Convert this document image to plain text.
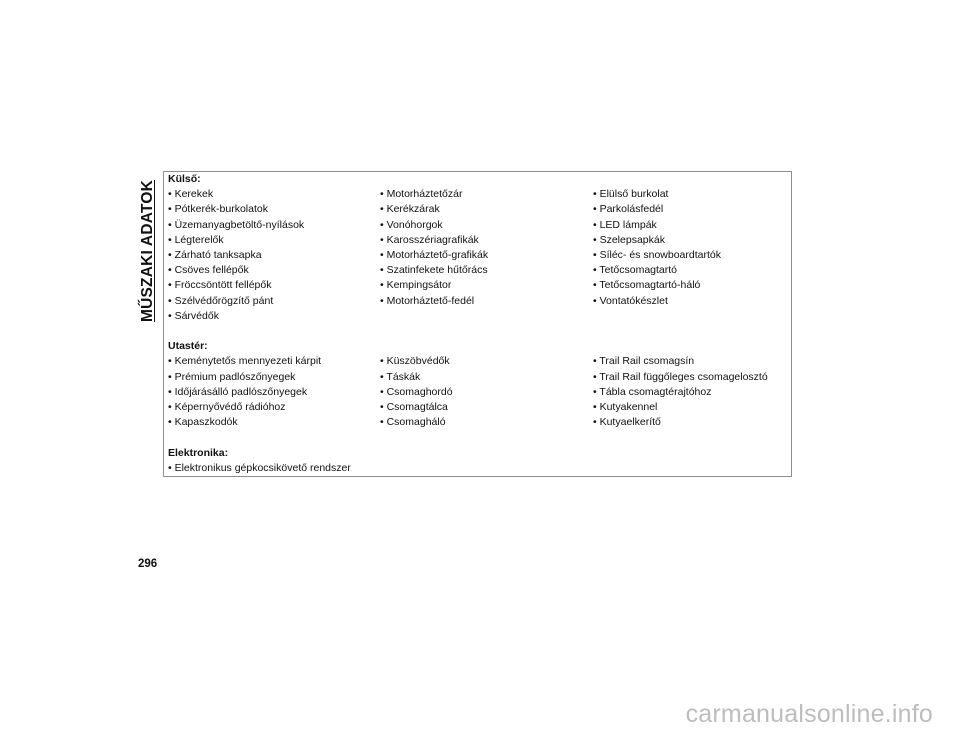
MŰSZAKI ADATOK
Külső:
• Kerekek	• Motorháztetőzár	• Elülső burkolat
• Pótkerék-burkolatok	• Kerékzárak	• Parkolásfedél
• Üzemanyagbetöltő-nyílások	• Vonóhorgok	• LED lámpák
• Légterelők	• Karosszériagrafikák	• Szelepsapkák
• Zárható tanksapka	• Motorháztető-grafikák	• Síléc- és snowboardtartók
• Csöves fellépők	• Szatinfekete hűtőrács	• Tetőcsomagtartó
• Fröccsöntött fellépők	• Kempingsátor	• Tetőcsomagtartó-háló
• Szélvédőrögzítő pánt	• Motorháztető-fedél	• Vontatókészlet
• Sárvédők
Utastér:
• Keménytetős mennyezeti kárpit	• Küszöbvédők	• Trail Rail csomagsín
• Prémium padlószőnyegek	• Táskák	• Trail Rail függőleges csomagelosztó
• Időjárásálló padlószőnyegek	• Csomaghordó	• Tábla csomagtérajtóhoz
• Képernyővédő rádióhoz	• Csomagtálca	• Kutyakennel
• Kapaszkodók	• Csomagháló	• Kutyaelkerítő
Elektronika:
• Elektronikus gépkocsikövető rendszer
296
carmanualsonline.info
